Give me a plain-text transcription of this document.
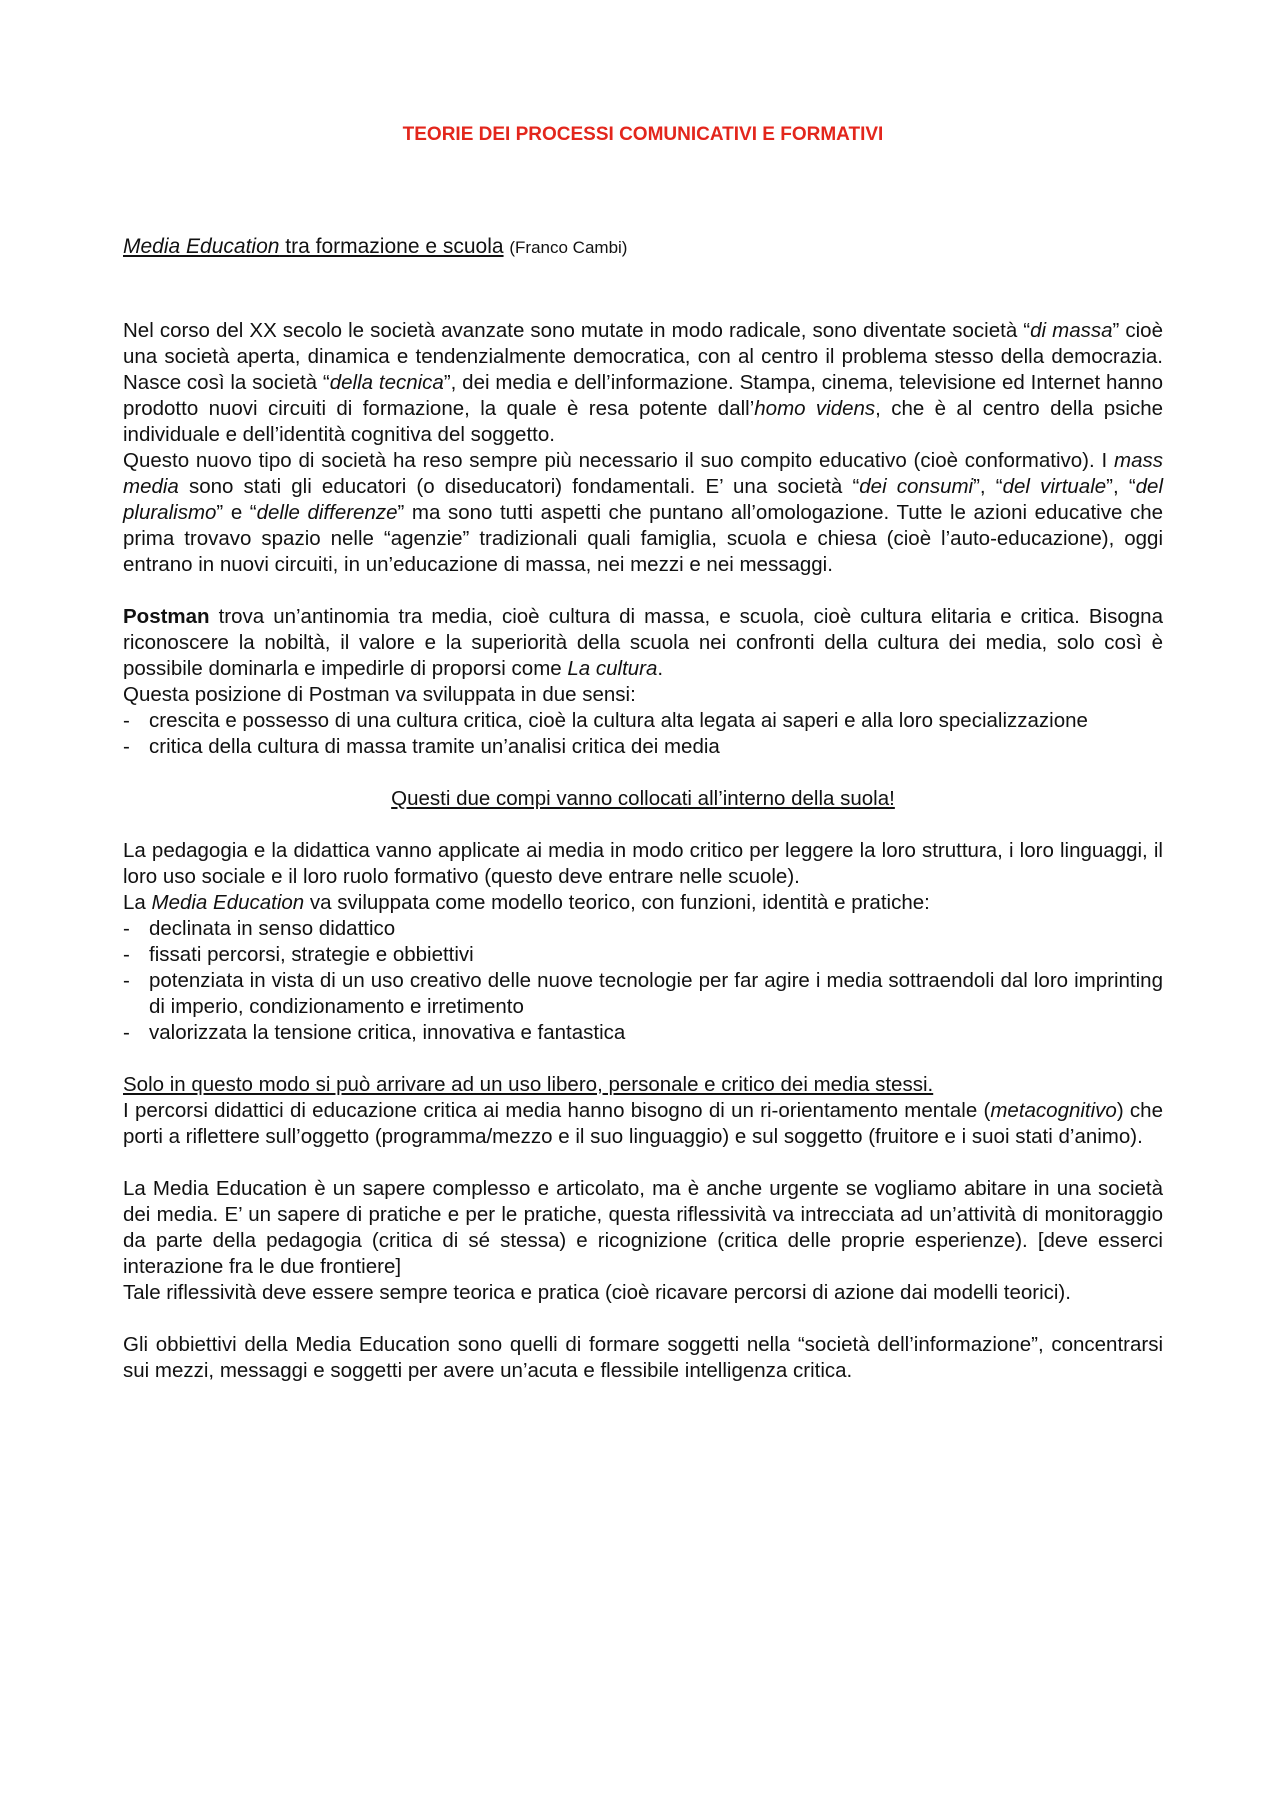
TEORIE DEI PROCESSI COMUNICATIVI E FORMATIVI
Media Education tra formazione e scuola (Franco Cambi)

Nel corso del XX secolo le società avanzate sono mutate in modo radicale, sono diventate società “di massa” cioè una società aperta, dinamica e tendenzialmente democratica, con al centro il problema stesso della democrazia. Nasce così la società “della tecnica”, dei media e dell’informazione. Stampa, cinema, televisione ed Internet hanno prodotto nuovi circuiti di formazione, la quale è resa potente dall’homo videns, che è al centro della psiche individuale e dell’identità cognitiva del soggetto.

Questo nuovo tipo di società ha reso sempre più necessario il suo compito educativo (cioè conformativo). I mass media sono stati gli educatori (o diseducatori) fondamentali. E’ una società “dei consumi”, “del virtuale”, “del pluralismo” e “delle differenze” ma sono tutti aspetti che puntano all’omologazione. Tutte le azioni educative che prima trovavo spazio nelle “agenzie” tradizionali quali famiglia, scuola e chiesa (cioè l’auto-educazione), oggi entrano in nuovi circuiti, in un’educazione di massa, nei mezzi e nei messaggi.

Postman trova un’antinomia tra media, cioè cultura di massa, e scuola, cioè cultura elitaria e critica. Bisogna riconoscere la nobiltà, il valore e la superiorità della scuola nei confronti della cultura dei media, solo così è possibile dominarla e impedirle di proporsi come La cultura.

Questa posizione di Postman va sviluppata in due sensi:

- crescita e possesso di una cultura critica, cioè la cultura alta legata ai saperi e alla loro specializzazione
- critica della cultura di massa tramite un’analisi critica dei media

Questi due compi vanno collocati all’interno della suola!

La pedagogia e la didattica vanno applicate ai media in modo critico per leggere la loro struttura, i loro linguaggi, il loro uso sociale e il loro ruolo formativo (questo deve entrare nelle scuole).

La Media Education va sviluppata come modello teorico, con funzioni, identità e pratiche:

- declinata in senso didattico
- fissati percorsi, strategie e obbiettivi
- potenziata in vista di un uso creativo delle nuove tecnologie per far agire i media sottraendoli dal loro imprinting di imperio, condizionamento e irretimento
- valorizzata la tensione critica, innovativa e fantastica

Solo in questo modo si può arrivare ad un uso libero, personale e critico dei media stessi.

I percorsi didattici di educazione critica ai media hanno bisogno di un ri-orientamento mentale (metacognitivo) che porti a riflettere sull’oggetto (programma/mezzo e il suo linguaggio) e sul soggetto (fruitore e i suoi stati d’animo).

La Media Education è un sapere complesso e articolato, ma è anche urgente se vogliamo abitare in una società dei media. E’ un sapere di pratiche e per le pratiche, questa riflessività va intrecciata ad un’attività di monitoraggio da parte della pedagogia (critica di sé stessa) e ricognizione (critica delle proprie esperienze). [deve esserci interazione fra le due frontiere]

Tale riflessività deve essere sempre teorica e pratica (cioè ricavare percorsi di azione dai modelli teorici).

Gli obbiettivi della Media Education sono quelli di formare soggetti nella “società dell’informazione”, concentrarsi sui mezzi, messaggi e soggetti per avere un’acuta e flessibile intelligenza critica.
